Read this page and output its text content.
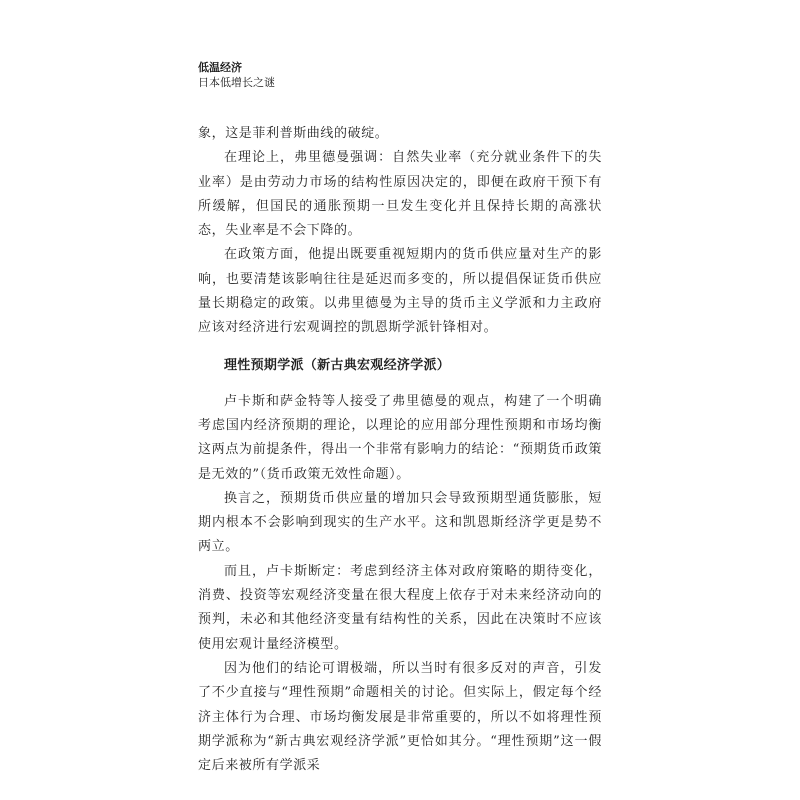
低温经济

日本低增长之谜

象，这是菲利普斯曲线的破绽。

在理论上，弗里德曼强调：自然失业率（充分就业条件下的失业率）是由劳动力市场的结构性原因决定的，即便在政府干预下有所缓解，但国民的通胀预期一旦发生变化并且保持长期的高涨状态，失业率是不会下降的。

在政策方面，他提出既要重视短期内的货币供应量对生产的影响，也要清楚该影响往往是延迟而多变的，所以提倡保证货币供应量长期稳定的政策。以弗里德曼为主导的货币主义学派和力主政府应该对经济进行宏观调控的凯恩斯学派针锋相对。

理性预期学派（新古典宏观经济学派）

卢卡斯和萨金特等人接受了弗里德曼的观点，构建了一个明确考虑国内经济预期的理论，以理论的应用部分理性预期和市场均衡这两点为前提条件，得出一个非常有影响力的结论：“预期货币政策是无效的”（货币政策无效性命题）。

换言之，预期货币供应量的增加只会导致预期型通货膨胀，短期内根本不会影响到现实的生产水平。这和凯恩斯经济学更是势不两立。

而且，卢卡斯断定：考虑到经济主体对政府策略的期待变化，消费、投资等宏观经济变量在很大程度上依存于对未来经济动向的预判，未必和其他经济变量有结构性的关系，因此在决策时不应该使用宏观计量经济模型。

因为他们的结论可谓极端，所以当时有很多反对的声音，引发了不少直接与“理性预期”命题相关的讨论。但实际上，假定每个经济主体行为合理、市场均衡发展是非常重要的，所以不如将理性预期学派称为“新古典宏观经济学派”更恰如其分。“理性预期”这一假定后来被所有学派采
